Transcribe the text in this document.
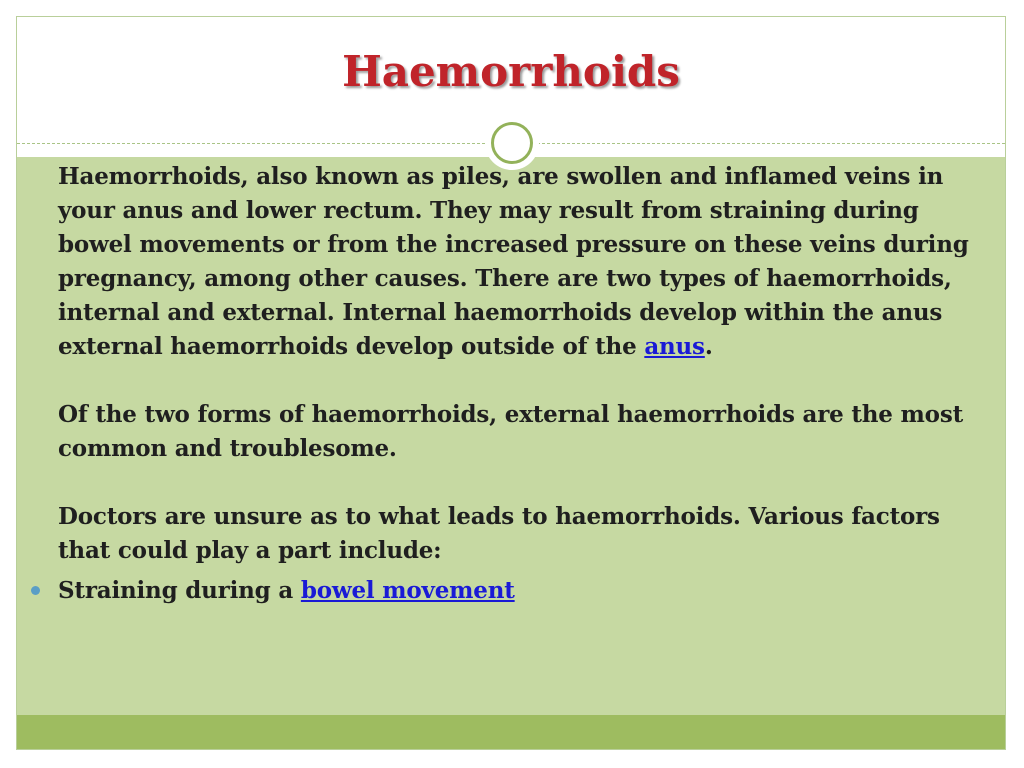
Haemorrhoids

Haemorrhoids, also known as piles, are swollen and inflamed veins in your anus and lower rectum. They may result from straining during bowel movements or from the increased pressure on these veins during pregnancy, among other causes. There are two types of haemorrhoids, internal and external. Internal haemorrhoids develop within the anus external haemorrhoids develop outside of the anus.

Of the two forms of haemorrhoids, external haemorrhoids are the most common and troublesome.

Doctors are unsure as to what leads to haemorrhoids. Various factors that could play a part include:

Straining during a bowel movement
